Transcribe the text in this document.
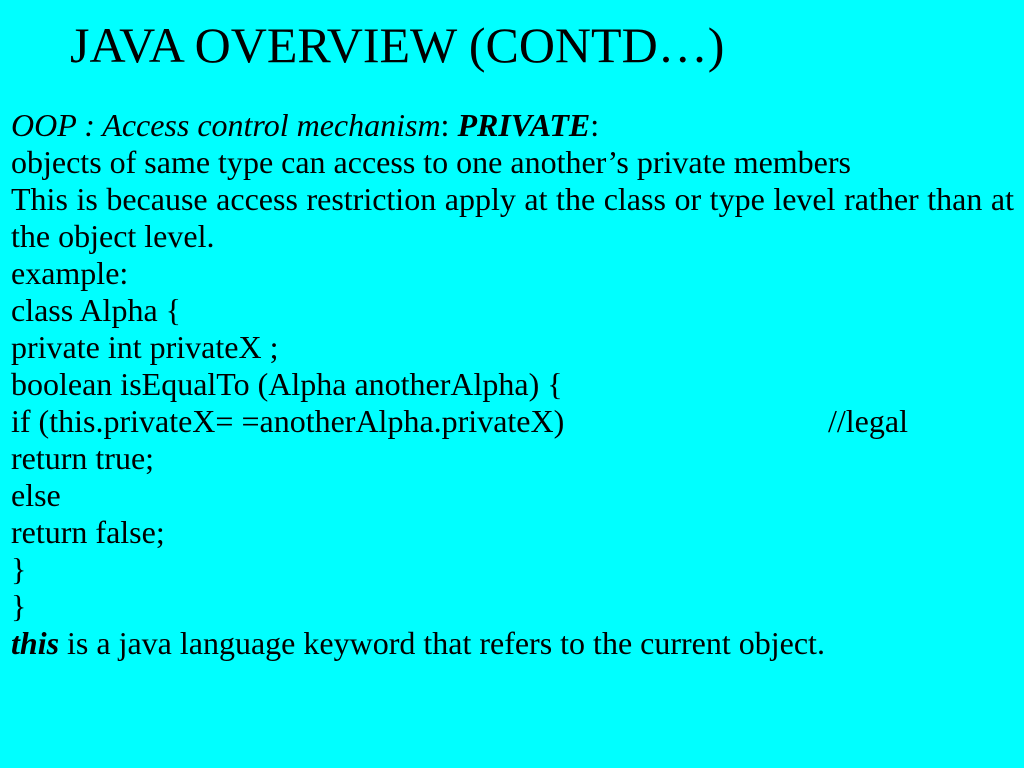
JAVA OVERVIEW (CONTD…)
OOP : Access control mechanism: PRIVATE:
objects of same type can access to one another’s private members
This is because access restriction apply at the class or type level rather than at the object level.
example:
class Alpha {
private int privateX ;
boolean isEqualTo (Alpha anotherAlpha) {
if (this.privateX= =anotherAlpha.privateX)	//legal
return true;
else
return false;
}
}
this is a java language keyword that refers to the current object.
